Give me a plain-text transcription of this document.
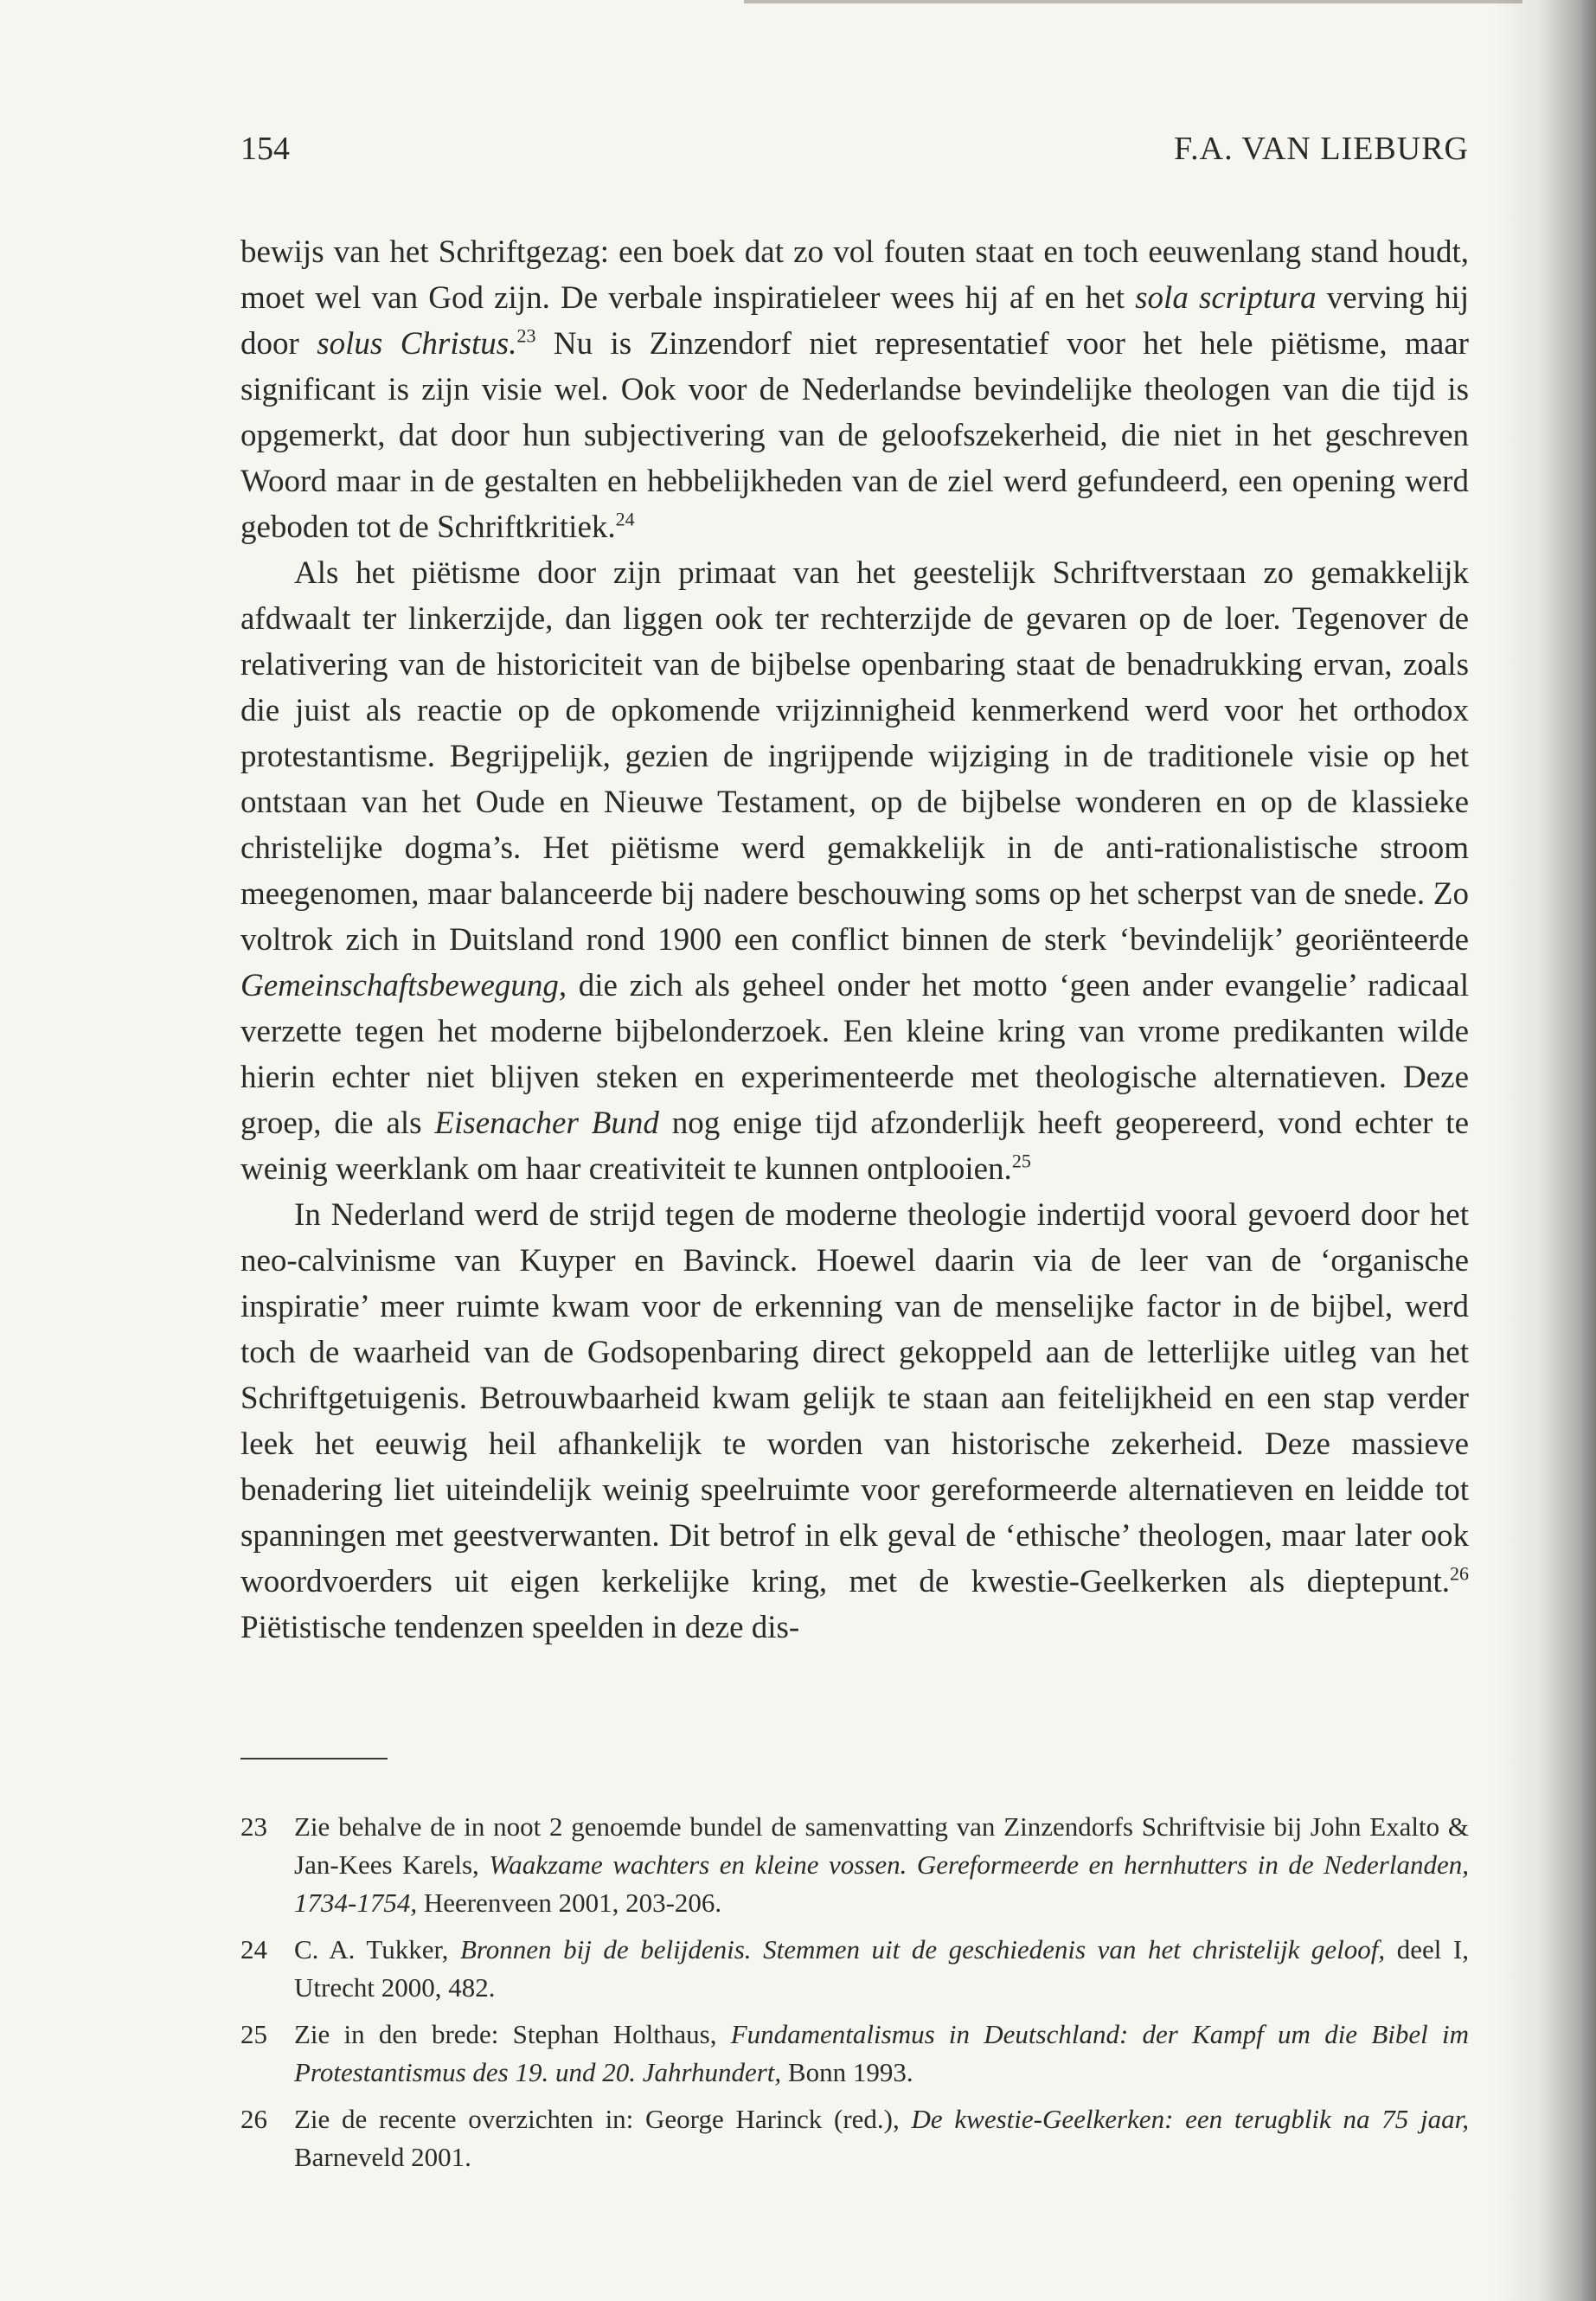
154	F.A. VAN LIEBURG

bewijs van het Schriftgezag: een boek dat zo vol fouten staat en toch eeuwenlang stand houdt, moet wel van God zijn. De verbale inspiratieleer wees hij af en het sola scriptura verving hij door solus Christus.$^{23}$ Nu is Zinzendorf niet representatief voor het hele piëtisme, maar significant is zijn visie wel. Ook voor de Nederlandse bevindelijke theologen van die tijd is opgemerkt, dat door hun subjectivering van de geloofszekerheid, die niet in het geschreven Woord maar in de gestalten en hebbelijkheden van de ziel werd gefundeerd, een opening werd geboden tot de Schriftkritiek.$^{24}$

Als het piëtisme door zijn primaat van het geestelijk Schriftverstaan zo gemakkelijk afdwaalt ter linkerzijde, dan liggen ook ter rechterzijde de gevaren op de loer. Tegenover de relativering van de historiciteit van de bijbelse openbaring staat de benadrukking ervan, zoals die juist als reactie op de opkomende vrijzinnigheid kenmerkend werd voor het orthodox protestantisme. Begrijpelijk, gezien de ingrijpende wijziging in de traditionele visie op het ontstaan van het Oude en Nieuwe Testament, op de bijbelse wonderen en op de klassieke christelijke dogma’s. Het piëtisme werd gemakkelijk in de anti-rationalistische stroom meegenomen, maar balanceerde bij nadere beschouwing soms op het scherpst van de snede. Zo voltrok zich in Duitsland rond 1900 een conflict binnen de sterk ‘bevindelijk’ georiënteerde Gemeinschaftsbewegung, die zich als geheel onder het motto ‘geen ander evangelie’ radicaal verzette tegen het moderne bijbelonderzoek. Een kleine kring van vrome predikanten wilde hierin echter niet blijven steken en experimenteerde met theologische alternatieven. Deze groep, die als Eisenacher Bund nog enige tijd afzonderlijk heeft geopereerd, vond echter te weinig weerklank om haar creativiteit te kunnen ontplooien.$^{25}$

In Nederland werd de strijd tegen de moderne theologie indertijd vooral gevoerd door het neo-calvinisme van Kuyper en Bavinck. Hoewel daarin via de leer van de ‘organische inspiratie’ meer ruimte kwam voor de erkenning van de menselijke factor in de bijbel, werd toch de waarheid van de Godsopenbaring direct gekoppeld aan de letterlijke uitleg van het Schriftgetuigenis. Betrouwbaarheid kwam gelijk te staan aan feitelijkheid en een stap verder leek het eeuwig heil afhankelijk te worden van historische zekerheid. Deze massieve benadering liet uiteindelijk weinig speelruimte voor gereformeerde alternatieven en leidde tot spanningen met geestverwanten. Dit betrof in elk geval de ‘ethische’ theologen, maar later ook woordvoerders uit eigen kerkelijke kring, met de kwestie-Geelkerken als dieptepunt.$^{26}$ Piëtistische tendenzen speelden in deze dis-

23 Zie behalve de in noot 2 genoemde bundel de samenvatting van Zinzendorfs Schriftvisie bij John Exalto & Jan-Kees Karels, Waakzame wachters en kleine vossen. Gereformeerde en hernhutters in de Nederlanden, 1734-1754, Heerenveen 2001, 203-206.
24 C. A. Tukker, Bronnen bij de belijdenis. Stemmen uit de geschiedenis van het christelijk geloof, deel I, Utrecht 2000, 482.
25 Zie in den brede: Stephan Holthaus, Fundamentalismus in Deutschland: der Kampf um die Bibel im Protestantismus des 19. und 20. Jahrhundert, Bonn 1993.
26 Zie de recente overzichten in: George Harinck (red.), De kwestie-Geelkerken: een terugblik na 75 jaar, Barneveld 2001.
